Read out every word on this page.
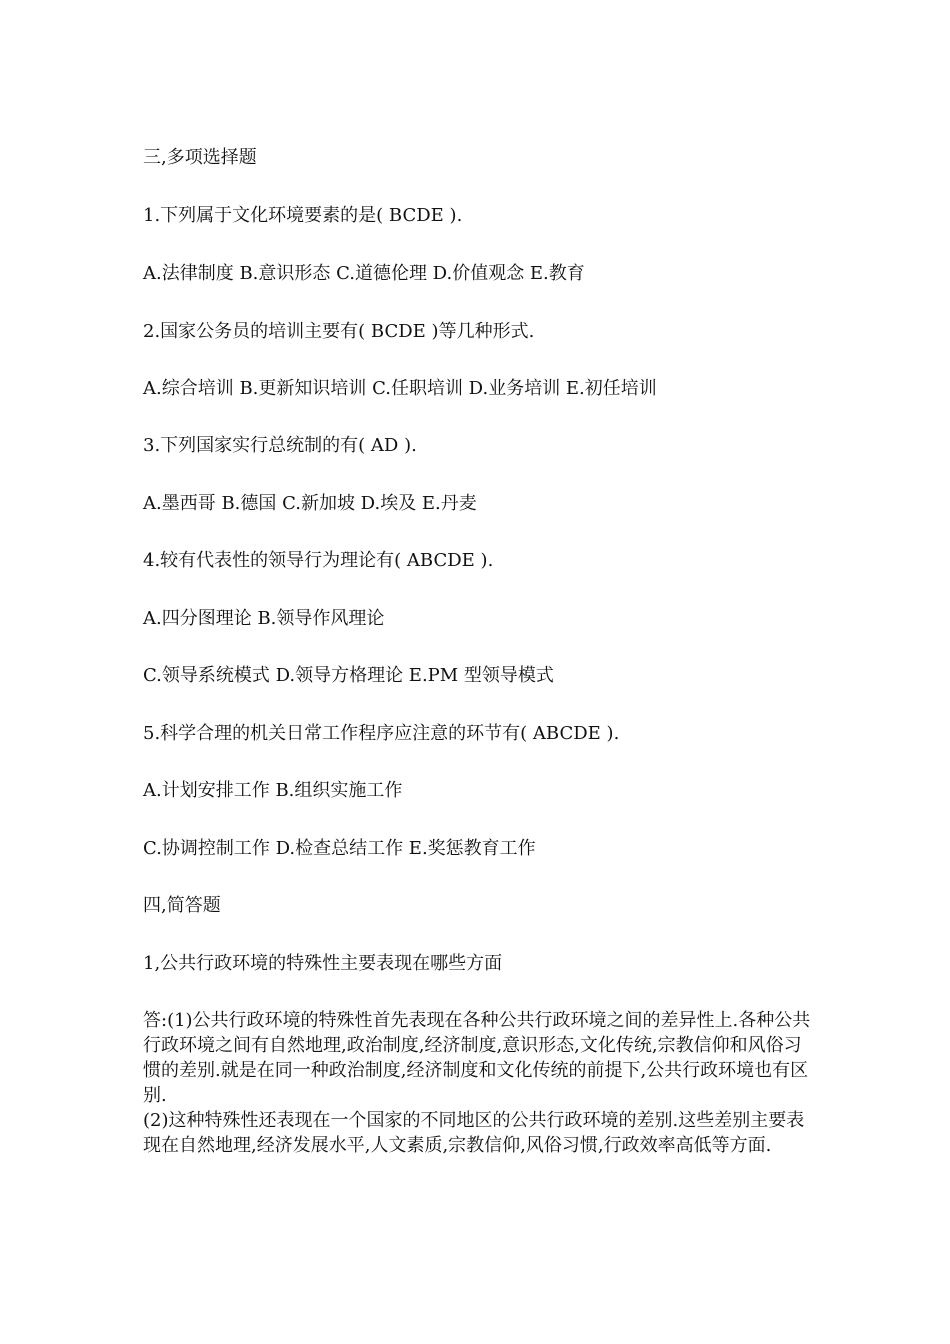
三,多项选择题
1.下列属于文化环境要素的是( BCDE ).
A.法律制度 B.意识形态 C.道德伦理 D.价值观念 E.教育
2.国家公务员的培训主要有( BCDE )等几种形式.
A.综合培训 B.更新知识培训 C.任职培训 D.业务培训 E.初任培训
3.下列国家实行总统制的有( AD ).
A.墨西哥 B.德国 C.新加坡 D.埃及 E.丹麦
4.较有代表性的领导行为理论有( ABCDE ).
A.四分图理论 B.领导作风理论
C.领导系统模式 D.领导方格理论 E.PM 型领导模式
5.科学合理的机关日常工作程序应注意的环节有( ABCDE ).
A.计划安排工作 B.组织实施工作
C.协调控制工作 D.检查总结工作 E.奖惩教育工作
四,简答题
1,公共行政环境的特殊性主要表现在哪些方面

答:(1)公共行政环境的特殊性首先表现在各种公共行政环境之间的差异性上.各种公共行政环境之间有自然地理,政治制度,经济制度,意识形态,文化传统,宗教信仰和风俗习惯的差别.就是在同一种政治制度,经济制度和文化传统的前提下,公共行政环境也有区别.

(2)这种特殊性还表现在一个国家的不同地区的公共行政环境的差别.这些差别主要表现在自然地理,经济发展水平,人文素质,宗教信仰,风俗习惯,行政效率高低等方面.
